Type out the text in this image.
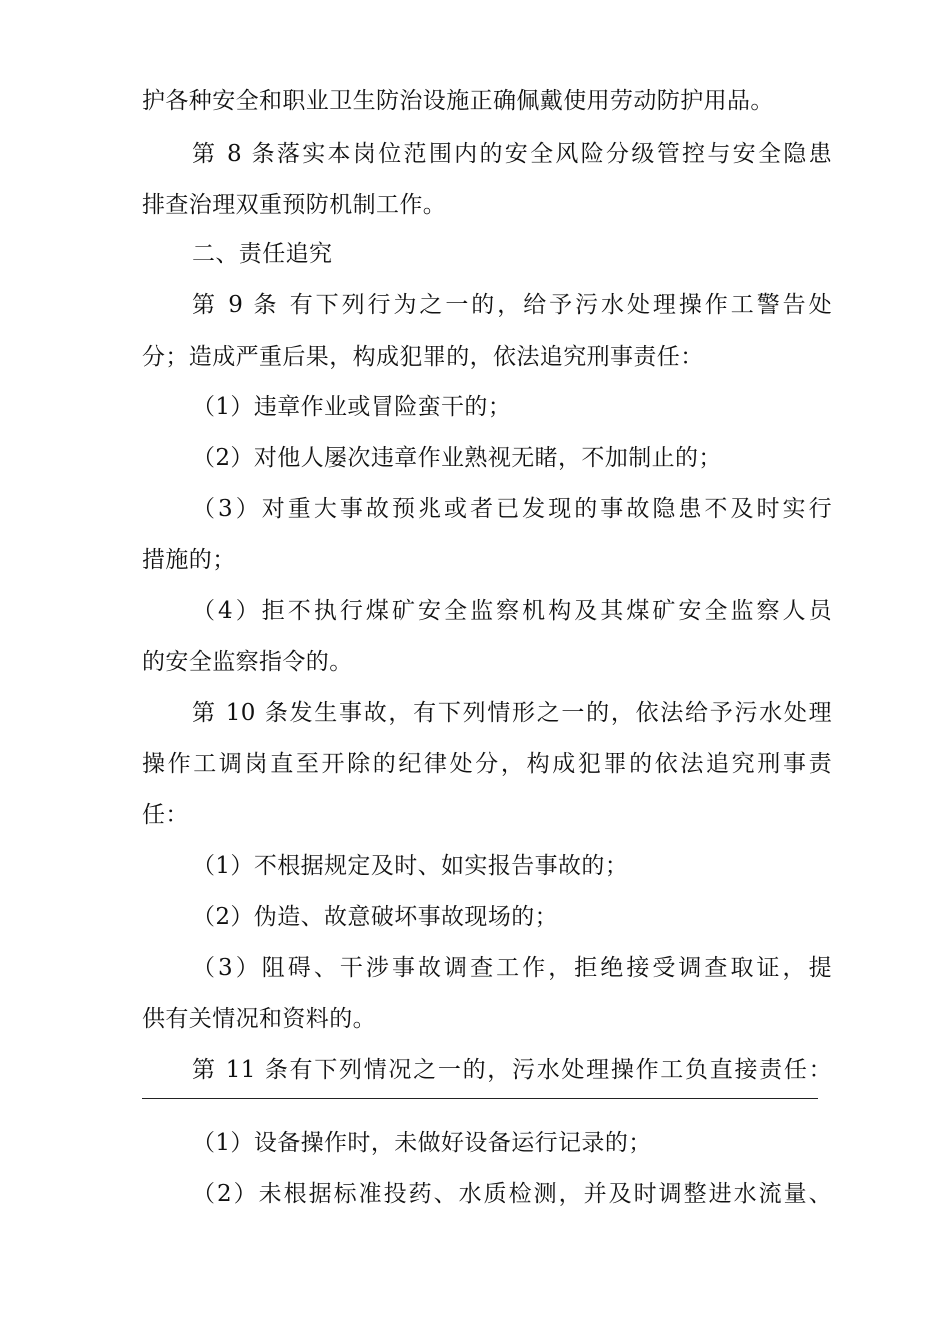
护各种安全和职业卫生防治设施正确佩戴使用劳动防护用品。
第 8 条落实本岗位范围内的安全风险分级管控与安全隐患
排查治理双重预防机制工作。
二、责任追究
第 9 条 有下列行为之一的，给予污水处理操作工警告处
分；造成严重后果，构成犯罪的，依法追究刑事责任：
（1）违章作业或冒险蛮干的；
（2）对他人屡次违章作业熟视无睹，不加制止的；
（3）对重大事故预兆或者已发现的事故隐患不及时实行
措施的；
（4）拒不执行煤矿安全监察机构及其煤矿安全监察人员
的安全监察指令的。
第 10 条发生事故，有下列情形之一的，依法给予污水处理
操作工调岗直至开除的纪律处分，构成犯罪的依法追究刑事责
任：
（1）不根据规定及时、如实报告事故的；
（2）伪造、故意破坏事故现场的；
（3）阻碍、干涉事故调查工作，拒绝接受调查取证，提
供有关情况和资料的。
第 11 条有下列情况之一的，污水处理操作工负直接责任：
（1）设备操作时，未做好设备运行记录的；
（2）未根据标准投药、水质检测，并及时调整进水流量、
